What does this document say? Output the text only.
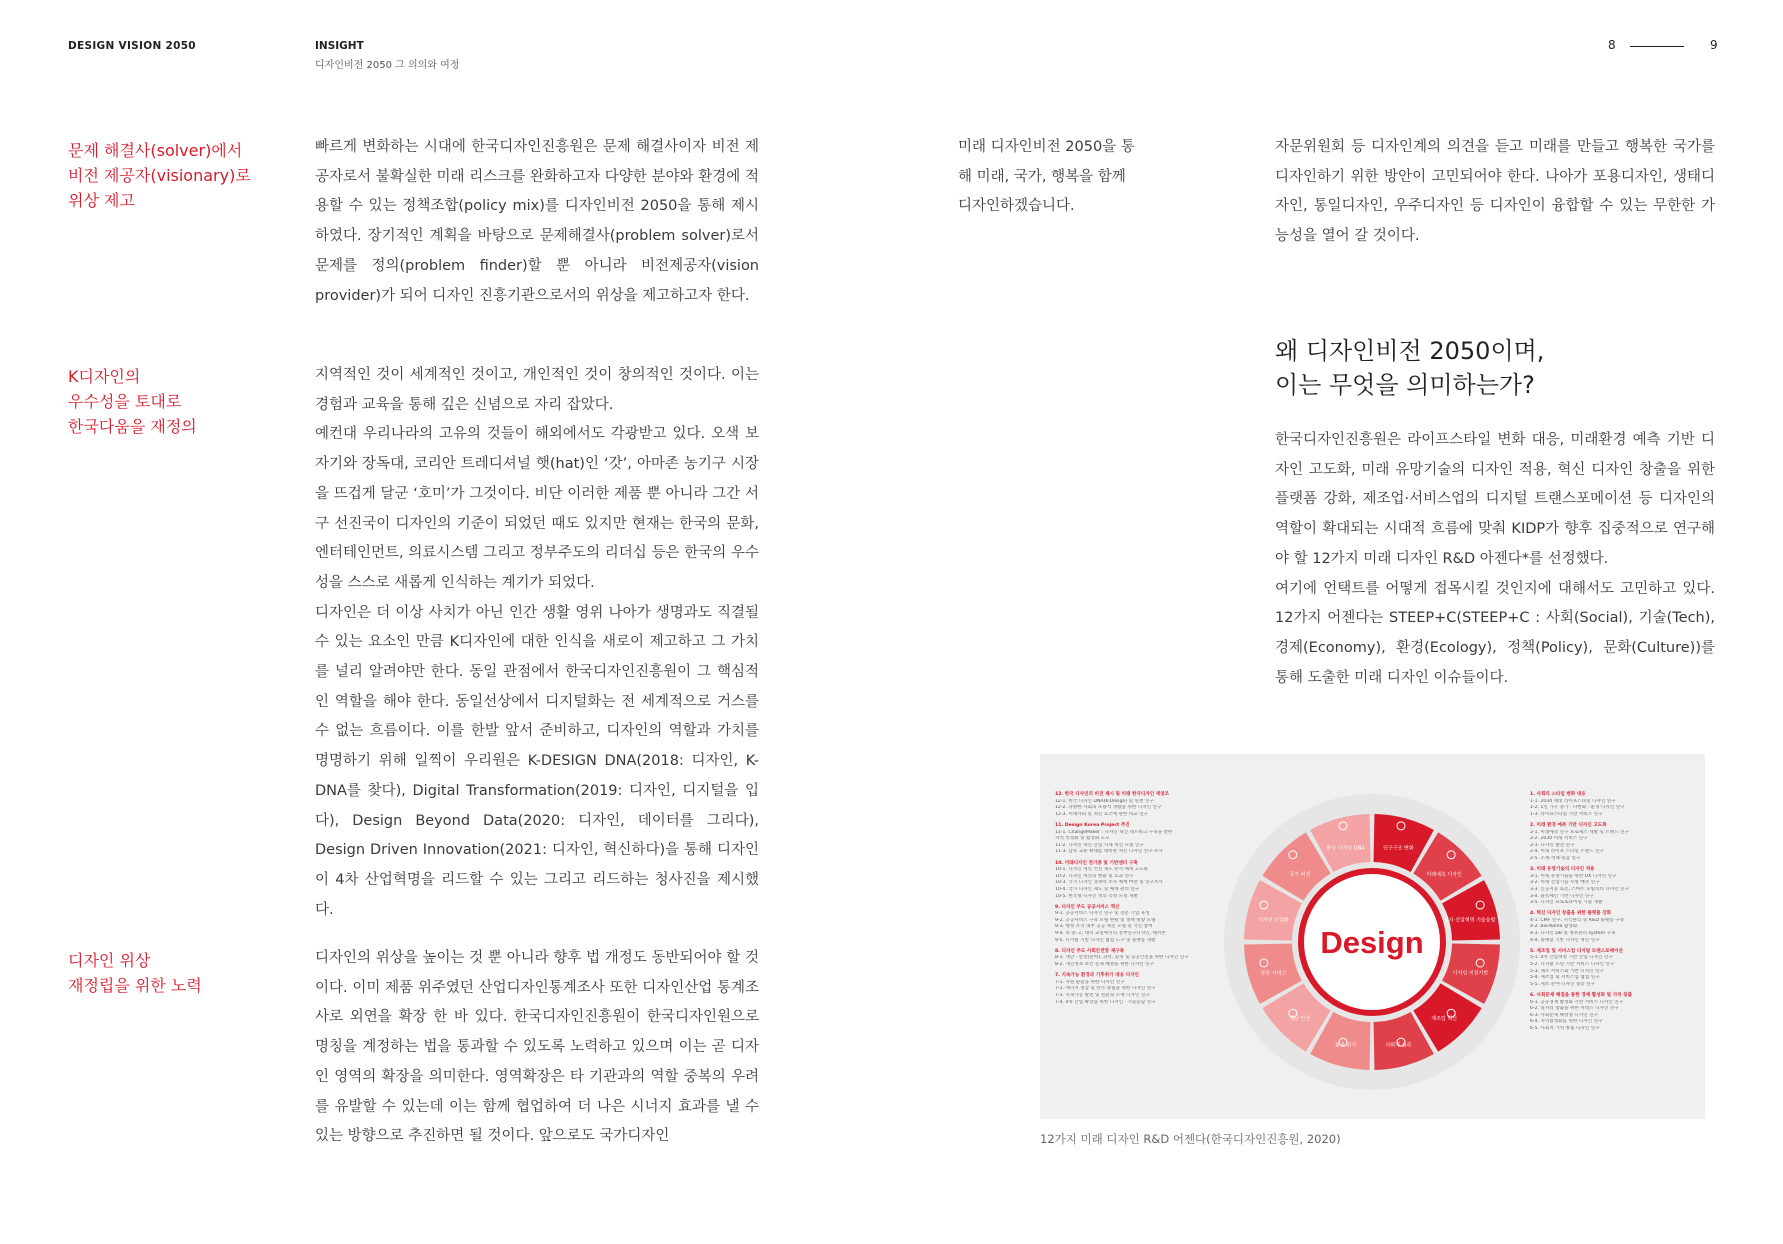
DESIGN VISION 2050	INSIGHT
디자인비전 2050 그 의의와 여정
8	9
문제 해결사(solver)에서
비전 제공자(visionary)로
위상 제고

빠르게 변화하는 시대에 한국디자인진흥원은 문제 해결사이자 비전 제공자로서 불확실한 미래 리스크를 완화하고자 다양한 분야와 환경에 적용할 수 있는 정책조합(policy mix)를 디자인비전 2050을 통해 제시하였다. 장기적인 계획을 바탕으로 문제해결사(problem solver)로서 문제를 정의(problem finder)할 뿐 아니라 비전제공자(vision provider)가 되어 디자인 진흥기관으로서의 위상을 제고하고자 한다.

K디자인의
우수성을 토대로
한국다움을 재정의

지역적인 것이 세계적인 것이고, 개인적인 것이 창의적인 것이다. 이는 경험과 교육을 통해 깊은 신념으로 자리 잡았다.

예컨대 우리나라의 고유의 것들이 해외에서도 각광받고 있다. 오색 보자기와 장독대, 코리안 트레디셔널 햇(hat)인 ‘갓’, 아마존 농기구 시장을 뜨겁게 달군 ‘호미’가 그것이다. 비단 이러한 제품 뿐 아니라 그간 서구 선진국이 디자인의 기준이 되었던 때도 있지만 현재는 한국의 문화, 엔터테인먼트, 의료시스템 그리고 정부주도의 리더십 등은 한국의 우수성을 스스로 새롭게 인식하는 계기가 되었다.

디자인은 더 이상 사치가 아닌 인간 생활 영위 나아가 생명과도 직결될 수 있는 요소인 만큼 K디자인에 대한 인식을 새로이 제고하고 그 가치를 널리 알려야만 한다. 동일 관점에서 한국디자인진흥원이 그 핵심적인 역할을 해야 한다. 동일선상에서 디지털화는 전 세계적으로 거스를 수 없는 흐름이다. 이를 한발 앞서 준비하고, 디자인의 역할과 가치를 명명하기 위해 일찍이 우리원은 K-DESIGN DNA(2018: 디자인, K-DNA를 찾다), Digital Transformation(2019: 디자인, 디지털을 입다), Design Beyond Data(2020: 디자인, 데이터를 그리다), Design Driven Innovation(2021: 디자인, 혁신하다)을 통해 디자인이 4차 산업혁명을 리드할 수 있는 그리고 리드하는 청사진을 제시했다.

디자인 위상
재정립을 위한 노력

디자인의 위상을 높이는 것 뿐 아니라 향후 법 개정도 동반되어야 할 것이다. 이미 제품 위주였던 산업디자인통계조사 또한 디자인산업 통계조사로 외연을 확장 한 바 있다. 한국디자인진흥원이 한국디자인원으로 명칭을 계정하는 법을 통과할 수 있도록 노력하고 있으며 이는 곧 디자인 영역의 확장을 의미한다. 영역확장은 타 기관과의 역할 중복의 우려를 유발할 수 있는데 이는 함께 협업하여 더 나은 시너지 효과를 낼 수 있는 방향으로 추진하면 될 것이다. 앞으로도 국가디자인

미래 디자인비전 2050을 통해 미래, 국가, 행복을 함께 디자인하겠습니다.

자문위원회 등 디자인계의 의견을 듣고 미래를 만들고 행복한 국가를 디자인하기 위한 방안이 고민되어야 한다. 나아가 포용디자인, 생태디자인, 통일디자인, 우주디자인 등 디자인이 융합할 수 있는 무한한 가능성을 열어 갈 것이다.

왜 디자인비전 2050이며,
이는 무엇을 의미하는가?

한국디자인진흥원은 라이프스타일 변화 대응, 미래환경 예측 기반 디자인 고도화, 미래 유망기술의 디자인 적용, 혁신 디자인 창출을 위한 플랫폼 강화, 제조업·서비스업의 디지털 트랜스포메이션 등 디자인의 역할이 확대되는 시대적 흐름에 맞춰 KIDP가 향후 집중적으로 연구해야 할 12가지 미래 디자인 R&D 아젠다*를 선정했다.

여기에 언택트를 어떻게 접목시킬 것인지에 대해서도 고민하고 있다. 12가지 어젠다는 STEEP+C(STEEP+C : 사회(Social), 기술(Tech), 경제(Economy), 환경(Ecology), 정책(Policy), 문화(Culture))를 통해 도출한 미래 디자인 이슈들이다.

12. 한국 디자인의 비전 제시 및 미래 한국디자인 재창조
12-1. 한국 디자인 DNA(K-Design) 및 원천 연구
12-2. 다양한 사회의 포용적 생활을 위한 디자인 연구
12-3. 미래사회 및 혁신 요소에 관한 비교 연구
11. Design Korea Project 추진
11-1. ChangeMaker : 디자인 혁신 네트워크 구축을 통한
지역 특성화 및 활성화 도모
11-2. 디자인 혁신 산업 시제 혁신 모델 연구
11-3. 남북 교류 확대를 대비한 혁신 디자인 연구·조사
10. 미래디자인 전기중 및 기반센터 구축
10-1. 디자인 혁신 선진 제도 분석 체계 고도화
10-2. 디자인 혁신의 변화 및 효과 연구
10-3. 국가 디자인 경쟁력 조사 체계 마련 및 연구조사
10-4. 국가 디자인 제도 및 체계 관리 연구
10-5. 한국형 디자인 정의 측정 모형 개발
9. 디자인 주도 공공서비스 혁신
9-1. 공공서비스 디자인 연구 및 전문 기업 육성
9-2. 공공서비스 구축 모델 현황 및 정책 방향 모델
9-3. 행정 조직 내부 공공 혁신 모델 및 국민 참여
9-4. 초·중·고, 대학 교실에서의 정부연구디자인, 해커톤
9-5. 디지털 기반 디자인 협업 도구 및 플랫폼 개발
8. 디자인 주도 사회안전망 재구축
8-1. 재난 · 안전(분야), 과학, 환경 및 공공안전을 위한 디자인 연구
8-2. 개인정보 보안 문제 해결을 위한 디자인 연구
7. 지속가능 환경과 기후위기 대응 디자인
7-1. 자원 순환을 위한 디자인 연구
7-2. 에너지 절감 및 탄소 중립을 위한 디자인 연구
7-3. 지속가능 발전 및 친환경 소재 디자인 연구
7-4. 4차 산업 확장을 위한 디자인 · 기술융합 연구
1. 사회의 스타일 변화 대응
1-1. 2034 세대 라이프스타일 디자인 연구
1-2. 1인 가구 증가 · 다변화 · 환경 디자인 연구
1-3. 라이프스타일 기반 서비스 연구
2. 미래 환경 예측 기반 디자인 고도화
2-1. 미래예측 연구 프로세스 개발 및 트렌드 연구
2-2. 2030 미래 서비스 연구
2-3. 디자인 발전 연구
2-4. 미래 라이프 스타일 트렌드 연구
2-5. 소재·색채·질감 연구
3. 미래 유망기술의 디자인 적용
3-1. 미래 유망기술을 위한 UX 디자인 연구
3-2. 미래 산업기술 수명 예측 연구
3-3. 인공지능 로봇, 스마트 모빌리티 디자인 연구
3-4. 블록체인 기반 디자인 연구
3-5. 디자인 프로토타이핑 기술 개발
4. 혁신 디자인 창출을 위한 플랫폼 강화
4-1. CMF 연구, 지식관리 및 R&D 플랫폼 구축
4-2. Bio-Korea 활성화
4-3. 디자인 DB 및 정보관리 system 구축
4-4. 플랫폼 기반 디자인 혁신 연구
5. 제조업 및 서비스업 디지털 트랜스포메이션
5-1. 4차 산업혁명 기반 산업 디자인 연구
5-2. 디지털 트윈 기반 서비스 디자인 연구
5-3. 제조 서비스화 기반 디자인 연구
5-4. 제조업 및 서비스업 협업 연구
5-5. 제조 분야 디자인 실증 연구
6. 사회문제 해결을 통한 경제 활성화 및 가치 창출
6-1. 공유경제 활성화 기반 서비스 디자인 연구
6-2. 일자리 창출을 위한 서비스 디자인 연구
6-3. 사회문제 해결형 디자인 연구
6-4. 지역활성화를 위한 디자인 연구
6-5. 사회적 가치 창출 디자인 연구
인구구조 변화
미래예측 디자인
4차 산업혁명 기술융합
디자인 지원기반
제조업 혁신
사회적 성과
환경 위기
재난·안전
공공 서비스
디자인 산업화
국가 비전
한국 디자인 DNA
Design
12가지 미래 디자인 R&D 어젠다(한국디자인진흥원, 2020)
